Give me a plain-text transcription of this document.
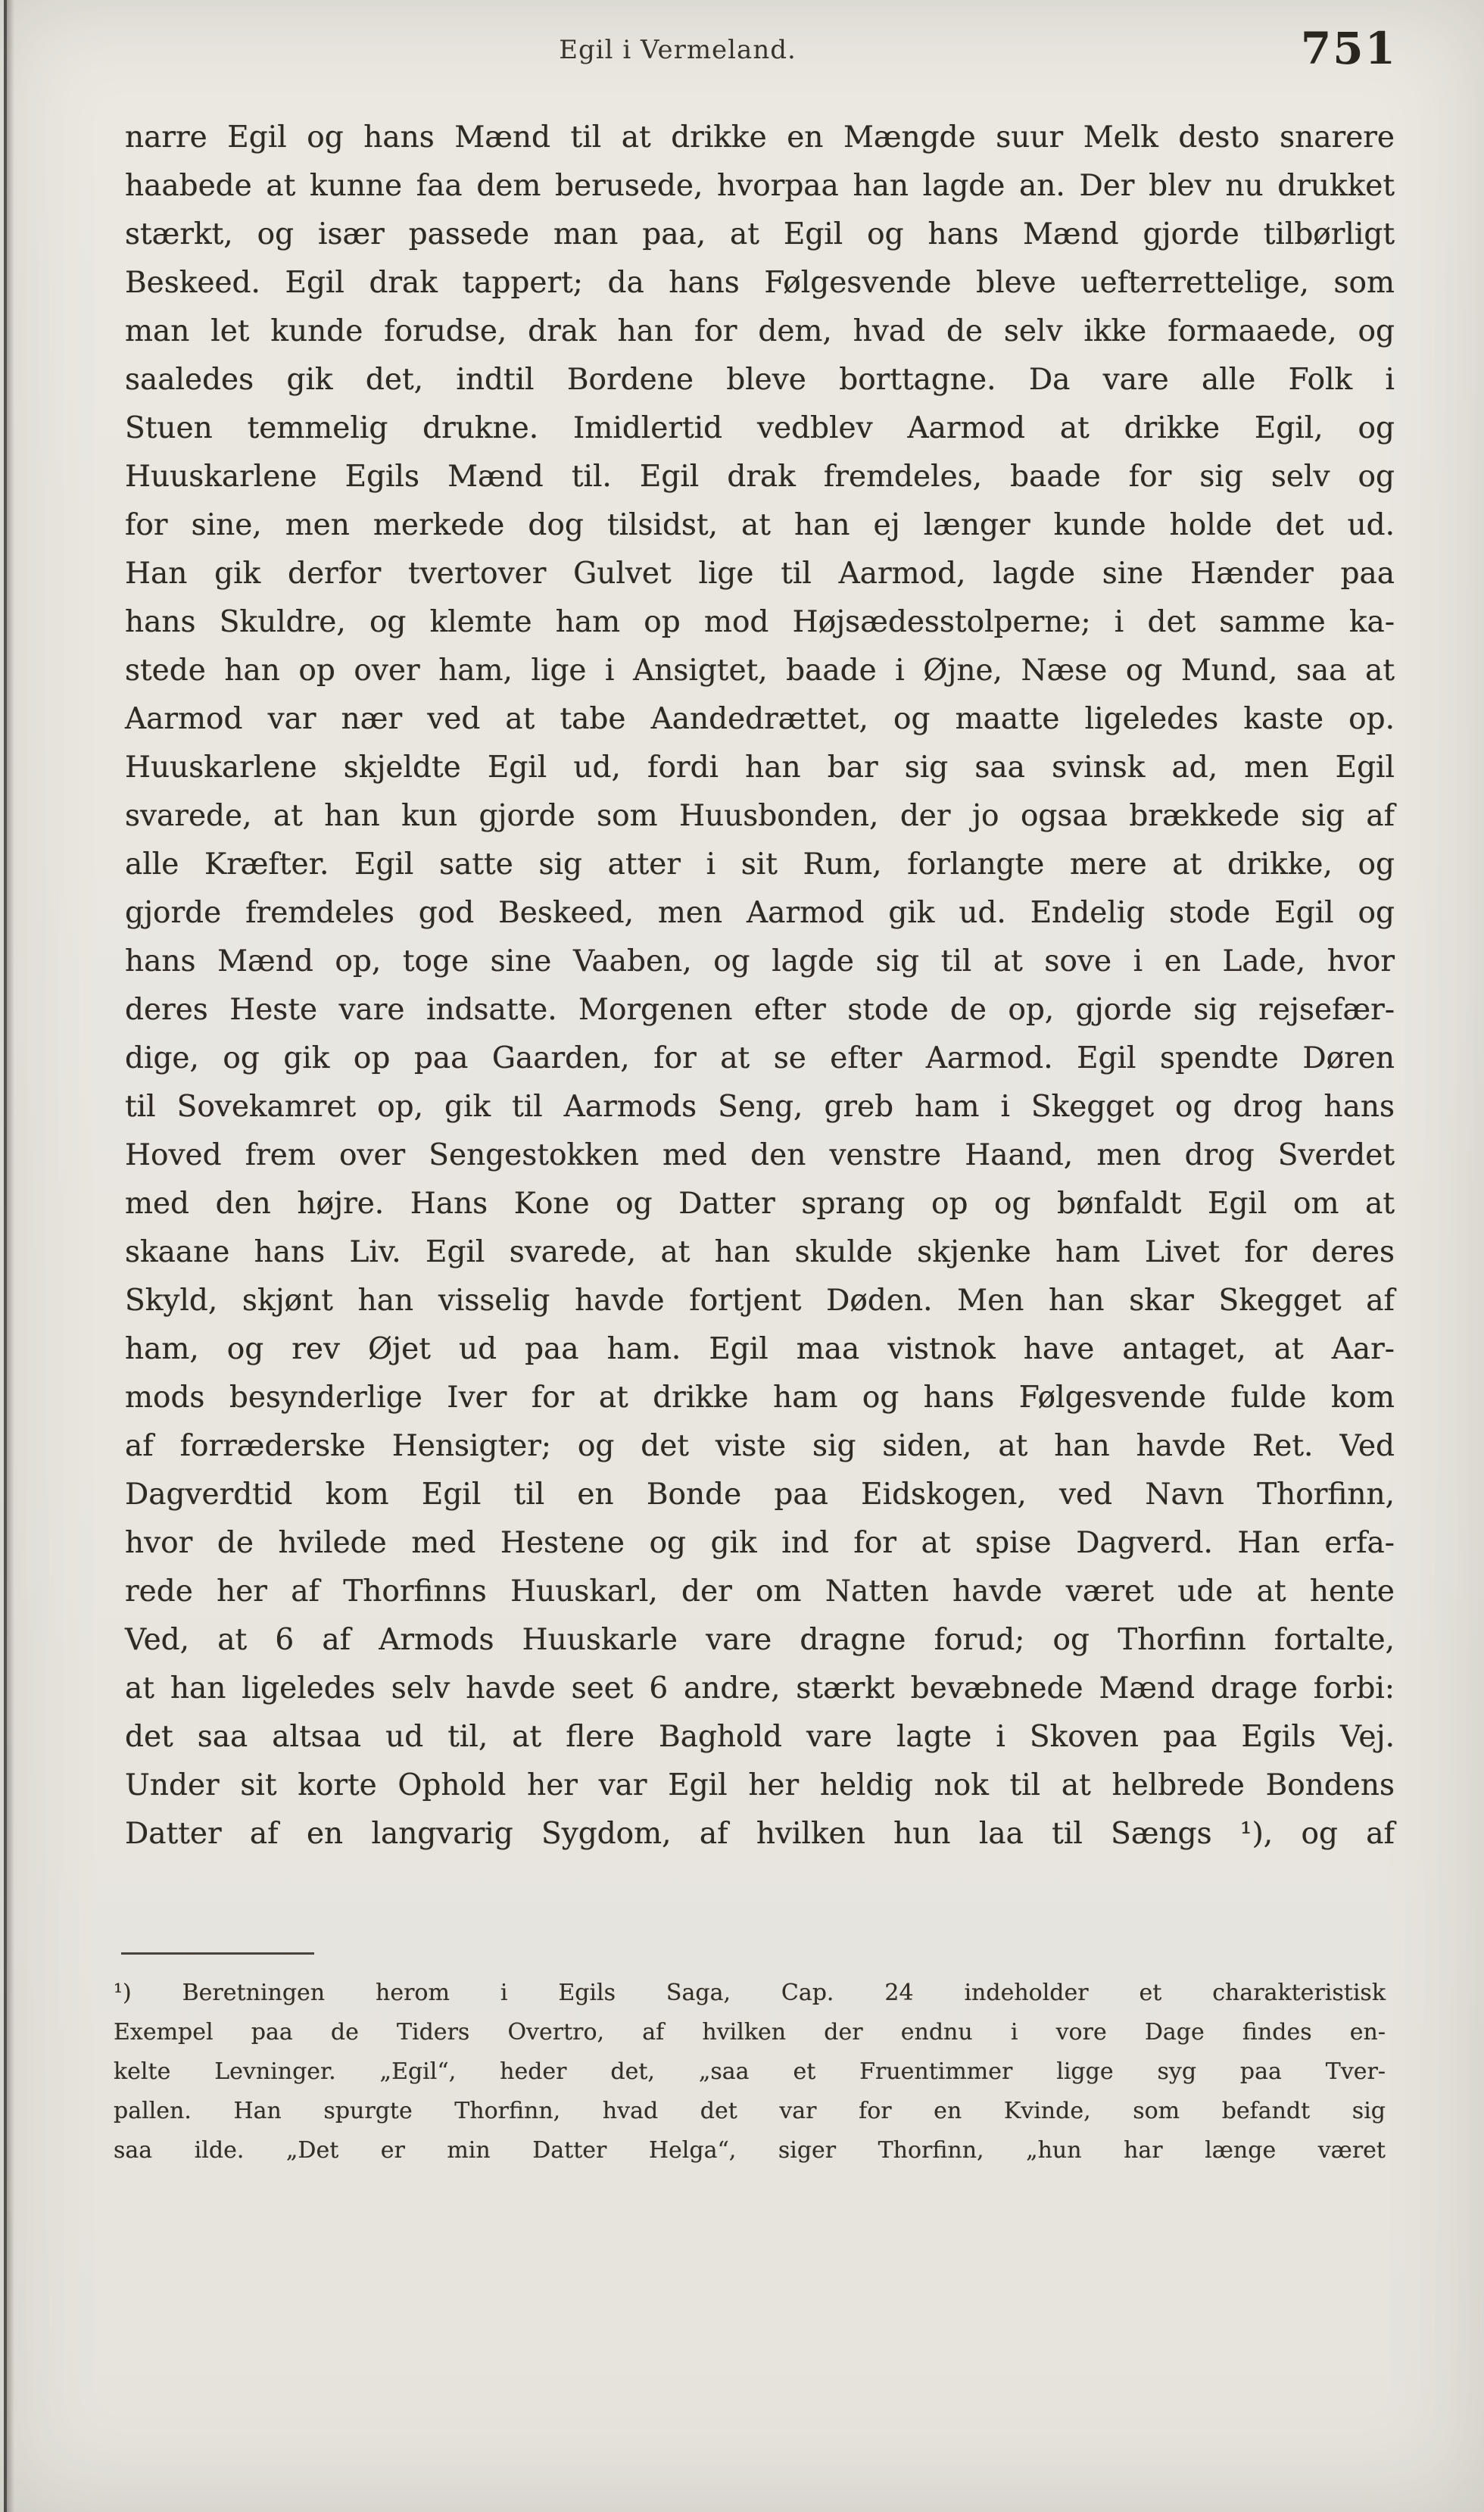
Egil i Vermeland.	751
narre Egil og hans Mænd til at drikke en Mængde suur Melk desto snarere
haabede at kunne faa dem berusede, hvorpaa han lagde an. Der blev nu drukket
stærkt, og især passede man paa, at Egil og hans Mænd gjorde tilbørligt
Beskeed. Egil drak tappert; da hans Følgesvende bleve uefterrettelige, som
man let kunde forudse, drak han for dem, hvad de selv ikke formaaede, og
saaledes gik det, indtil Bordene bleve borttagne. Da vare alle Folk i
Stuen temmelig drukne. Imidlertid vedblev Aarmod at drikke Egil, og
Huuskarlene Egils Mænd til. Egil drak fremdeles, baade for sig selv og
for sine, men merkede dog tilsidst, at han ej længer kunde holde det ud.
Han gik derfor tvertover Gulvet lige til Aarmod, lagde sine Hænder paa
hans Skuldre, og klemte ham op mod Højsædesstolperne; i det samme ka-
stede han op over ham, lige i Ansigtet, baade i Øjne, Næse og Mund, saa at
Aarmod var nær ved at tabe Aandedrættet, og maatte ligeledes kaste op.
Huuskarlene skjeldte Egil ud, fordi han bar sig saa svinsk ad, men Egil
svarede, at han kun gjorde som Huusbonden, der jo ogsaa brækkede sig af
alle Kræfter. Egil satte sig atter i sit Rum, forlangte mere at drikke, og
gjorde fremdeles god Beskeed, men Aarmod gik ud. Endelig stode Egil og
hans Mænd op, toge sine Vaaben, og lagde sig til at sove i en Lade, hvor
deres Heste vare indsatte. Morgenen efter stode de op, gjorde sig rejsefær-
dige, og gik op paa Gaarden, for at se efter Aarmod. Egil spendte Døren
til Sovekamret op, gik til Aarmods Seng, greb ham i Skegget og drog hans
Hoved frem over Sengestokken med den venstre Haand, men drog Sverdet
med den højre. Hans Kone og Datter sprang op og bønfaldt Egil om at
skaane hans Liv. Egil svarede, at han skulde skjenke ham Livet for deres
Skyld, skjønt han visselig havde fortjent Døden. Men han skar Skegget af
ham, og rev Øjet ud paa ham. Egil maa vistnok have antaget, at Aar-
mods besynderlige Iver for at drikke ham og hans Følgesvende fulde kom
af forræderske Hensigter; og det viste sig siden, at han havde Ret. Ved
Dagverdtid kom Egil til en Bonde paa Eidskogen, ved Navn Thorfinn,
hvor de hvilede med Hestene og gik ind for at spise Dagverd. Han erfa-
rede her af Thorfinns Huuskarl, der om Natten havde været ude at hente
Ved, at 6 af Armods Huuskarle vare dragne forud; og Thorfinn fortalte,
at han ligeledes selv havde seet 6 andre, stærkt bevæbnede Mænd drage forbi:
det saa altsaa ud til, at flere Baghold vare lagte i Skoven paa Egils Vej.
Under sit korte Ophold her var Egil her heldig nok til at helbrede Bondens
Datter af en langvarig Sygdom, af hvilken hun laa til Sængs ¹), og af
¹) Beretningen herom i Egils Saga, Cap. 24 indeholder et charakteristisk
Exempel paa de Tiders Overtro, af hvilken der endnu i vore Dage findes en-
kelte Levninger. „Egil“, heder det, „saa et Fruentimmer ligge syg paa Tver-
pallen. Han spurgte Thorfinn, hvad det var for en Kvinde, som befandt sig
saa ilde. „Det er min Datter Helga“, siger Thorfinn, „hun har længe været
